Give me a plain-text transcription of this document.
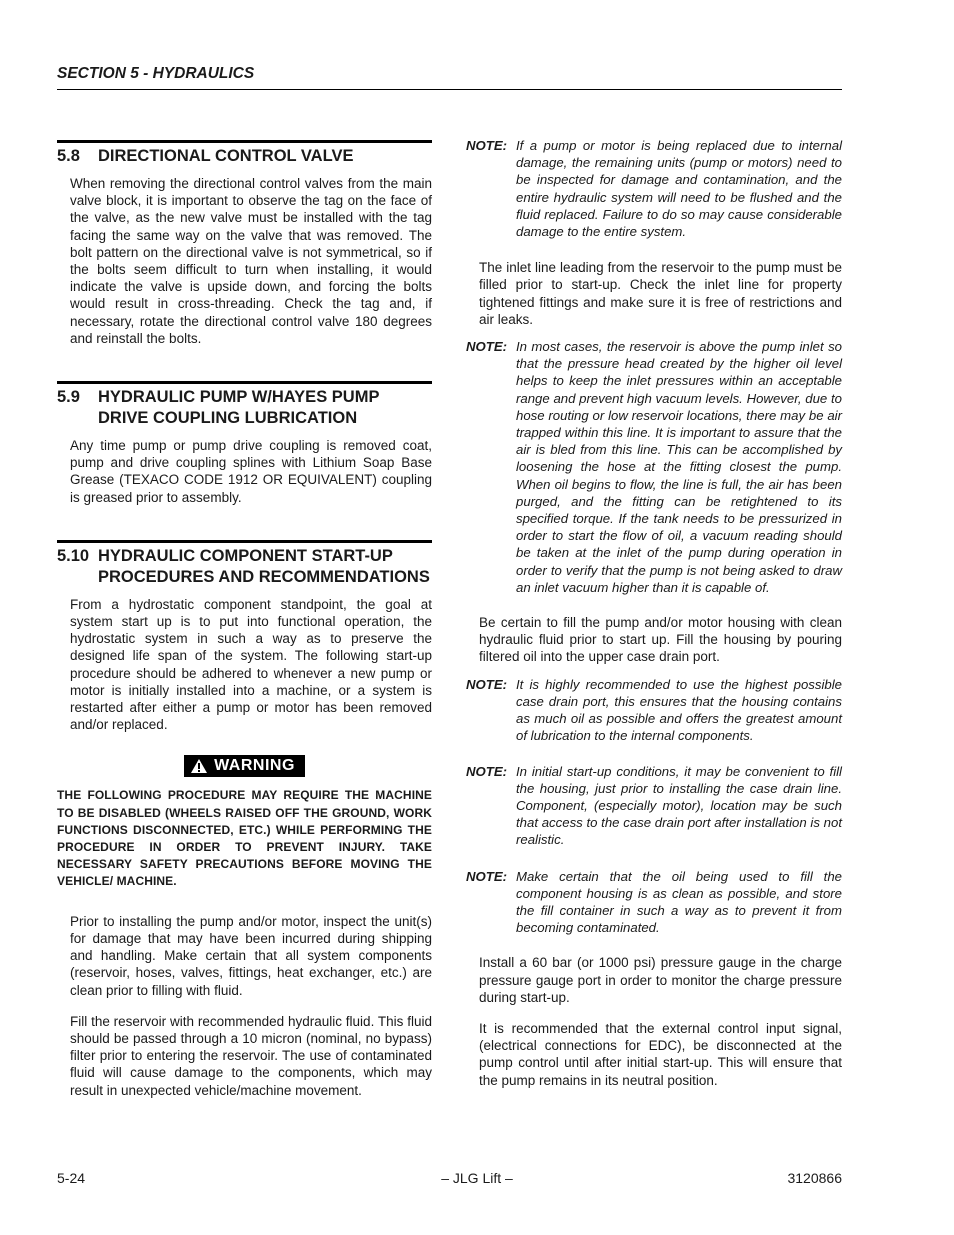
SECTION 5 - HYDRAULICS
5.8	DIRECTIONAL CONTROL VALVE

When removing the directional control valves from the main valve block, it is important to observe the tag on the face of the valve, as the new valve must be installed with the tag facing the same way on the valve that was removed. The bolt pattern on the directional valve is not symmetrical, so if the bolts seem difficult to turn when installing, it would indicate the valve is upside down, and forcing the bolts would result in cross-threading. Check the tag and, if necessary, rotate the directional control valve 180 degrees and reinstall the bolts.

5.9	HYDRAULIC PUMP W/HAYES PUMP DRIVE COUPLING LUBRICATION

Any time pump or pump drive coupling is removed coat, pump and drive coupling splines with Lithium Soap Base Grease (TEXACO CODE 1912 OR EQUIVALENT) coupling is greased prior to assembly.

5.10 HYDRAULIC COMPONENT START-UP PROCEDURES AND RECOMMENDATIONS

From a hydrostatic component standpoint, the goal at system start up is to put into functional operation, the hydrostatic system in such a way as to preserve the designed life span of the system. The following start-up procedure should be adhered to whenever a new pump or motor is initially installed into a machine, or a system is restarted after either a pump or motor has been removed and/or replaced.

WARNING
THE FOLLOWING PROCEDURE MAY REQUIRE THE MACHINE TO BE DISABLED (WHEELS RAISED OFF THE GROUND, WORK FUNCTIONS DISCONNECTED, ETC.) WHILE PERFORMING THE PROCEDURE IN ORDER TO PREVENT INJURY. TAKE NECESSARY SAFETY PRECAUTIONS BEFORE MOVING THE VEHICLE/ MACHINE.

Prior to installing the pump and/or motor, inspect the unit(s) for damage that may have been incurred during shipping and handling. Make certain that all system components (reservoir, hoses, valves, fittings, heat exchanger, etc.) are clean prior to filling with fluid.

Fill the reservoir with recommended hydraulic fluid. This fluid should be passed through a 10 micron (nominal, no bypass) filter prior to entering the reservoir. The use of contaminated fluid will cause damage to the components, which may result in unexpected vehicle/machine movement.

NOTE: If a pump or motor is being replaced due to internal damage, the remaining units (pump or motors) need to be inspected for damage and contamination, and the entire hydraulic system will need to be flushed and the fluid replaced. Failure to do so may cause considerable damage to the entire system.

The inlet line leading from the reservoir to the pump must be filled prior to start-up. Check the inlet line for property tightened fittings and make sure it is free of restrictions and air leaks.

NOTE: In most cases, the reservoir is above the pump inlet so that the pressure head created by the higher oil level helps to keep the inlet pressures within an acceptable range and prevent high vacuum levels. However, due to hose routing or low reservoir locations, there may be air trapped within this line. It is important to assure that the air is bled from this line. This can be accomplished by loosening the hose at the fitting closest the pump. When oil begins to flow, the line is full, the air has been purged, and the fitting can be retightened to its specified torque. If the tank needs to be pressurized in order to start the flow of oil, a vacuum reading should be taken at the inlet of the pump during operation in order to verify that the pump is not being asked to draw an inlet vacuum higher than it is capable of.

Be certain to fill the pump and/or motor housing with clean hydraulic fluid prior to start up. Fill the housing by pouring filtered oil into the upper case drain port.

NOTE: It is highly recommended to use the highest possible case drain port, this ensures that the housing contains as much oil as possible and offers the greatest amount of lubrication to the internal components.
NOTE: In initial start-up conditions, it may be convenient to fill the housing, just prior to installing the case drain line. Component, (especially motor), location may be such that access to the case drain port after installation is not realistic.
NOTE: Make certain that the oil being used to fill the component housing is as clean as possible, and store the fill container in such a way as to prevent it from becoming contaminated.

Install a 60 bar (or 1000 psi) pressure gauge in the charge pressure gauge port in order to monitor the charge pressure during start-up.

It is recommended that the external control input signal, (electrical connections for EDC), be disconnected at the pump control until after initial start-up. This will ensure that the pump remains in its neutral position.

5-24	– JLG Lift –	3120866
